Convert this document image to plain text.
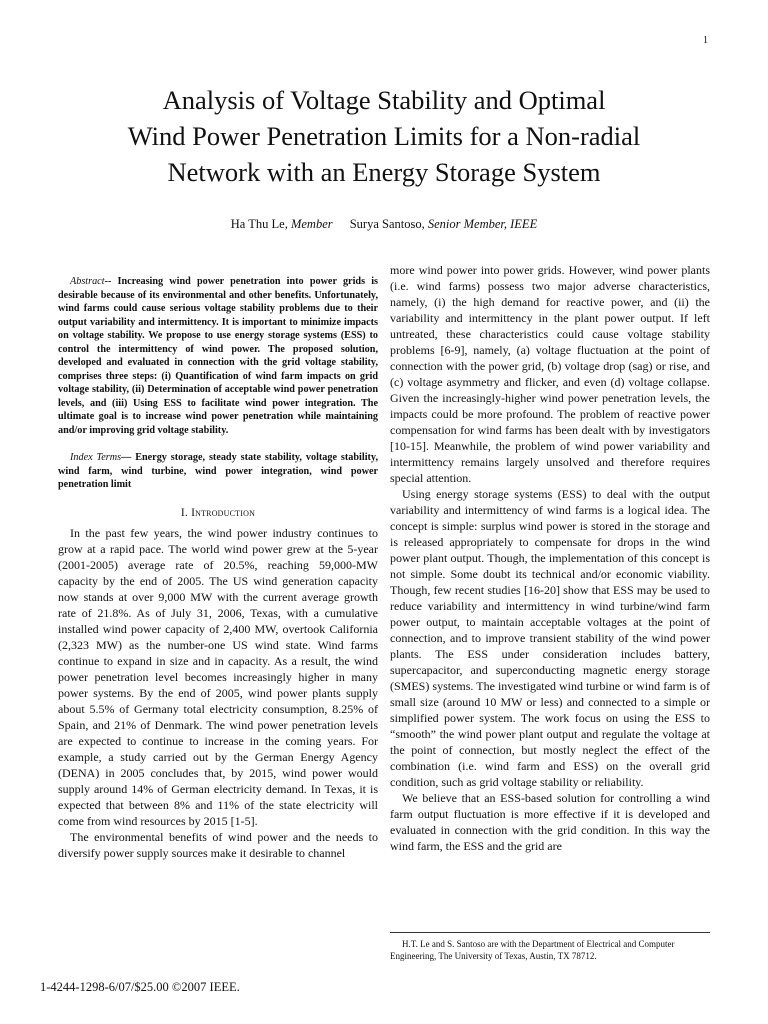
1
Analysis of Voltage Stability and Optimal
Wind Power Penetration Limits for a Non-radial
Network with an Energy Storage System
Ha Thu Le, Member Surya Santoso, Senior Member, IEEE

Abstract-- Increasing wind power penetration into power grids is desirable because of its environmental and other benefits. Unfortunately, wind farms could cause serious voltage stability problems due to their output variability and intermittency. It is important to minimize impacts on voltage stability. We propose to use energy storage systems (ESS) to control the intermittency of wind power. The proposed solution, developed and evaluated in connection with the grid voltage stability, comprises three steps: (i) Quantification of wind farm impacts on grid voltage stability, (ii) Determination of acceptable wind power penetration levels, and (iii) Using ESS to facilitate wind power integration. The ultimate goal is to increase wind power penetration while maintaining and/or improving grid voltage stability.

Index Terms— Energy storage, steady state stability, voltage stability, wind farm, wind turbine, wind power integration, wind power penetration limit

I. Introduction

In the past few years, the wind power industry continues to grow at a rapid pace. The world wind power grew at the 5-year (2001-2005) average rate of 20.5%, reaching 59,000-MW capacity by the end of 2005. The US wind generation capacity now stands at over 9,000 MW with the current average growth rate of 21.8%. As of July 31, 2006, Texas, with a cumulative installed wind power capacity of 2,400 MW, overtook California (2,323 MW) as the number-one US wind state. Wind farms continue to expand in size and in capacity. As a result, the wind power penetration level becomes increasingly higher in many power systems. By the end of 2005, wind power plants supply about 5.5% of Germany total electricity consumption, 8.25% of Spain, and 21% of Denmark. The wind power penetration levels are expected to continue to increase in the coming years. For example, a study carried out by the German Energy Agency (DENA) in 2005 concludes that, by 2015, wind power would supply around 14% of German electricity demand. In Texas, it is expected that between 8% and 11% of the state electricity will come from wind resources by 2015 [1-5].

The environmental benefits of wind power and the needs to diversify power supply sources make it desirable to channel

more wind power into power grids. However, wind power plants (i.e. wind farms) possess two major adverse characteristics, namely, (i) the high demand for reactive power, and (ii) the variability and intermittency in the plant power output. If left untreated, these characteristics could cause voltage stability problems [6-9], namely, (a) voltage fluctuation at the point of connection with the power grid, (b) voltage drop (sag) or rise, and (c) voltage asymmetry and flicker, and even (d) voltage collapse. Given the increasingly-higher wind power penetration levels, the impacts could be more profound. The problem of reactive power compensation for wind farms has been dealt with by investigators [10-15]. Meanwhile, the problem of wind power variability and intermittency remains largely unsolved and therefore requires special attention.

Using energy storage systems (ESS) to deal with the output variability and intermittency of wind farms is a logical idea. The concept is simple: surplus wind power is stored in the storage and is released appropriately to compensate for drops in the wind power plant output. Though, the implementation of this concept is not simple. Some doubt its technical and/or economic viability. Though, few recent studies [16-20] show that ESS may be used to reduce variability and intermittency in wind turbine/wind farm power output, to maintain acceptable voltages at the point of connection, and to improve transient stability of the wind power plants. The ESS under consideration includes battery, supercapacitor, and superconducting magnetic energy storage (SMES) systems. The investigated wind turbine or wind farm is of small size (around 10 MW or less) and connected to a simple or simplified power system. The work focus on using the ESS to “smooth” the wind power plant output and regulate the voltage at the point of connection, but mostly neglect the effect of the combination (i.e. wind farm and ESS) on the overall grid condition, such as grid voltage stability or reliability.

We believe that an ESS-based solution for controlling a wind farm output fluctuation is more effective if it is developed and evaluated in connection with the grid condition. In this way the wind farm, the ESS and the grid are

H.T. Le and S. Santoso are with the Department of Electrical and Computer Engineering, The University of Texas, Austin, TX 78712.

1-4244-1298-6/07/$25.00 ©2007 IEEE.
